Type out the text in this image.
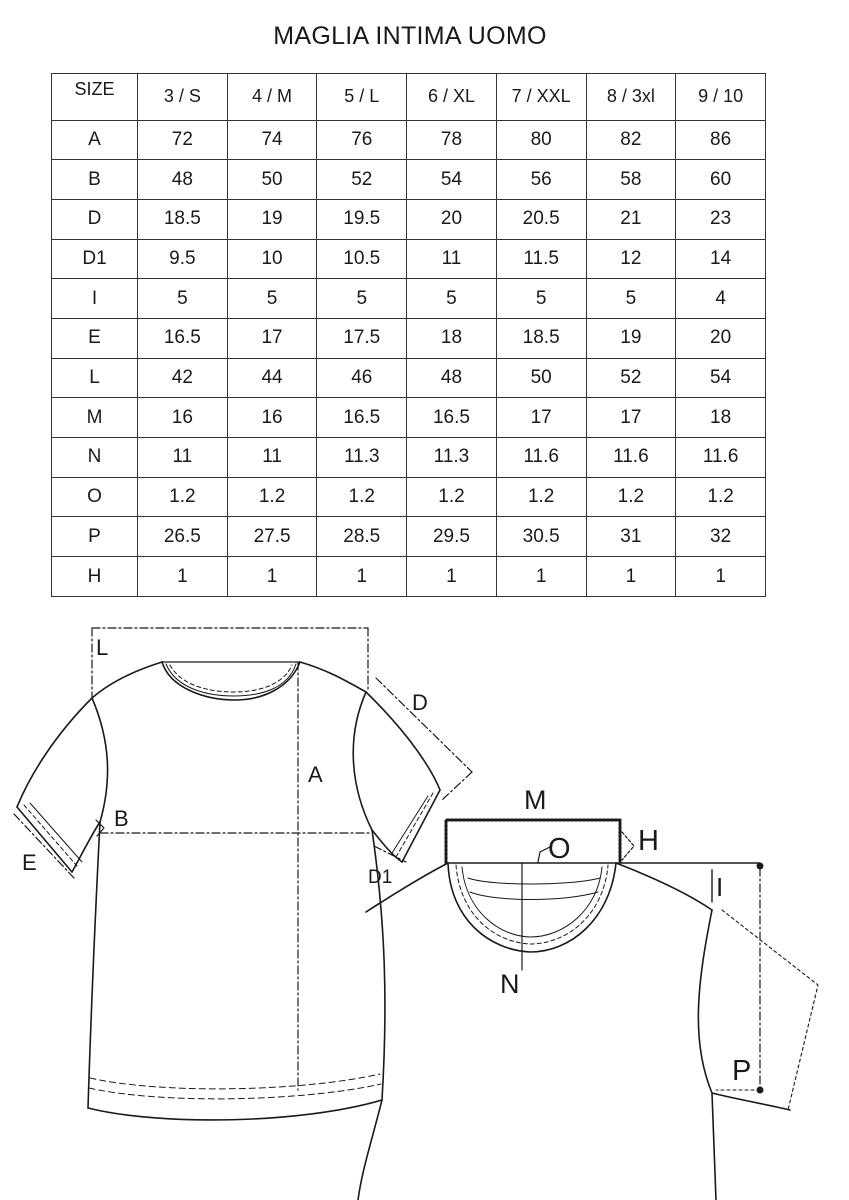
MAGLIA INTIMA UOMO
SIZE	3 / S	4 / M	5 / L	6 / XL	7 / XXL	8 / 3xl	9 / 10
A	72	74	76	78	80	82	86
B	48	50	52	54	56	58	60
D	18.5	19	19.5	20	20.5	21	23
D1	9.5	10	10.5	11	11.5	12	14
I	5	5	5	5	5	5	4
E	16.5	17	17.5	18	18.5	19	20
L	42	44	46	48	50	52	54
M	16	16	16.5	16.5	17	17	18
N	11	11	11.3	11.3	11.6	11.6	11.6
O	1.2	1.2	1.2	1.2	1.2	1.2	1.2
P	26.5	27.5	28.5	29.5	30.5	31	32
H	1	1	1	1	1	1	1
L
D
A
B
E
D1
M
O H
I
N
P
